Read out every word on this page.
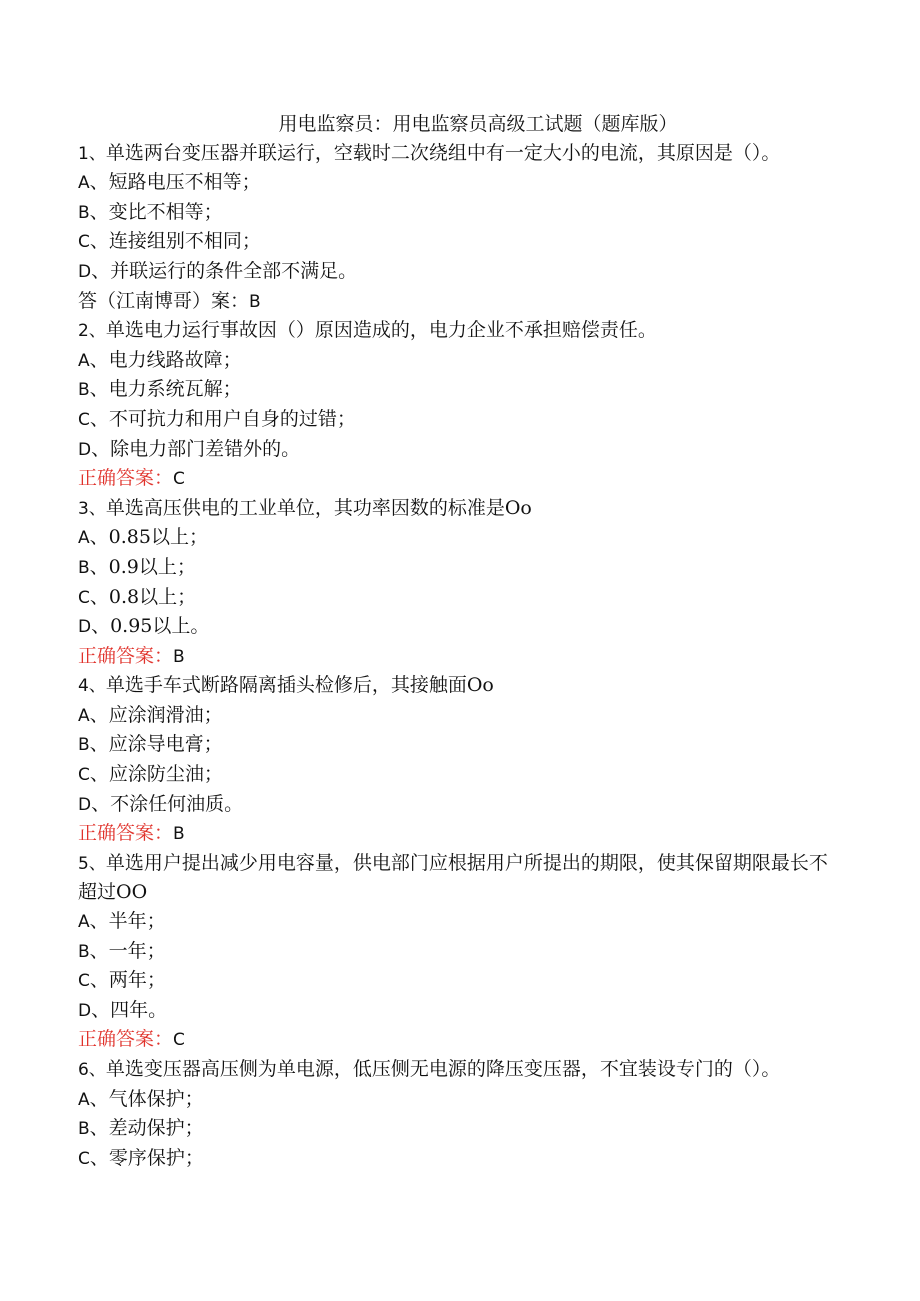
用电监察员：用电监察员高级工试题（题库版）

1、单选两台变压器并联运行，空载时二次绕组中有一定大小的电流，其原因是（）。

A、短路电压不相等；

B、变比不相等；

C、连接组别不相同；

D、并联运行的条件全部不满足。

答（江南博哥）案：B

2、单选电力运行事故因（）原因造成的，电力企业不承担赔偿责任。

A、电力线路故障；

B、电力系统瓦解；

C、不可抗力和用户自身的过错；

D、除电力部门差错外的。

正确答案：C

3、单选高压供电的工业单位，其功率因数的标准是Oo

A、0.85以上；

B、0.9以上；

C、0.8以上；

D、0.95以上。

正确答案：B

4、单选手车式断路隔离插头检修后，其接触面Oo

A、应涂润滑油；

B、应涂导电膏；

C、应涂防尘油；

D、不涂任何油质。

正确答案：B

5、单选用户提出减少用电容量，供电部门应根据用户所提出的期限，使其保留期限最长不超过OO

A、半年；

B、一年；

C、两年；

D、四年。

正确答案：C

6、单选变压器高压侧为单电源，低压侧无电源的降压变压器，不宜装设专门的（）。

A、气体保护；

B、差动保护；

C、零序保护；
